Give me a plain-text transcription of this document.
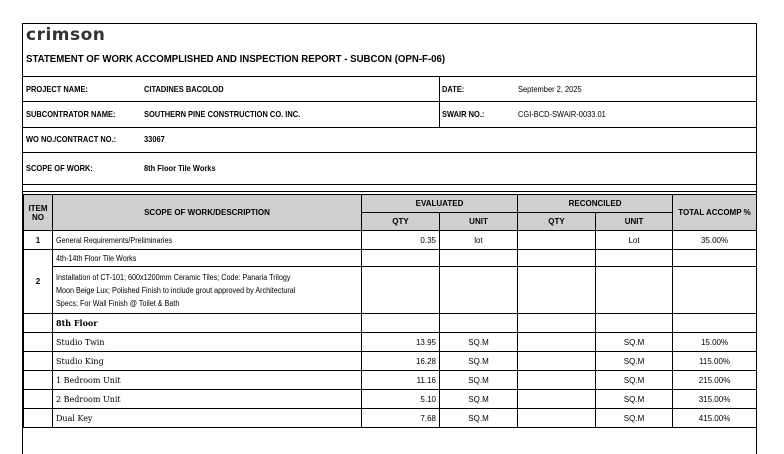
crimson
STATEMENT OF WORK ACCOMPLISHED AND INSPECTION REPORT - SUBCON (OPN-F-06)
PROJECT NAME:	CITADINES BACOLOD	DATE:	September 2, 2025
SUBCONTRATOR NAME:	SOUTHERN PINE CONSTRUCTION CO. INC.	SWAIR NO.:	CGI-BCD-SWAIR-0033.01
WO NO./CONTRACT NO.:	33067
SCOPE OF WORK:	8th Floor Tile Works
ITEM NO	SCOPE OF WORK/DESCRIPTION	EVALUATED		RECONCILED		TOTAL ACCOMP %
		QTY	UNIT	QTY	UNIT	
1	General Requirements/Preliminaries	0.35	lot		Lot	35.00%
2	4th-14th Floor Tile Works					
	Installation of CT-101; 600x1200mm Ceramic Tiles; Code: Panaria Trilogy
Moon Beige Lux; Polished Finish to include grout approved by Architectural
Specs; For Wall Finish @ Toilet & Bath					
	8th Floor					
	Studio Twin	13.95	SQ.M		SQ.M	15.00%
	Studio King	16.28	SQ.M		SQ.M	115.00%
	1 Bedroom Unit	11.16	SQ.M		SQ.M	215.00%
	2 Bedroom Unit	5.10	SQ.M		SQ.M	315.00%
	Dual Key	7.68	SQ.M		SQ.M	415.00%
